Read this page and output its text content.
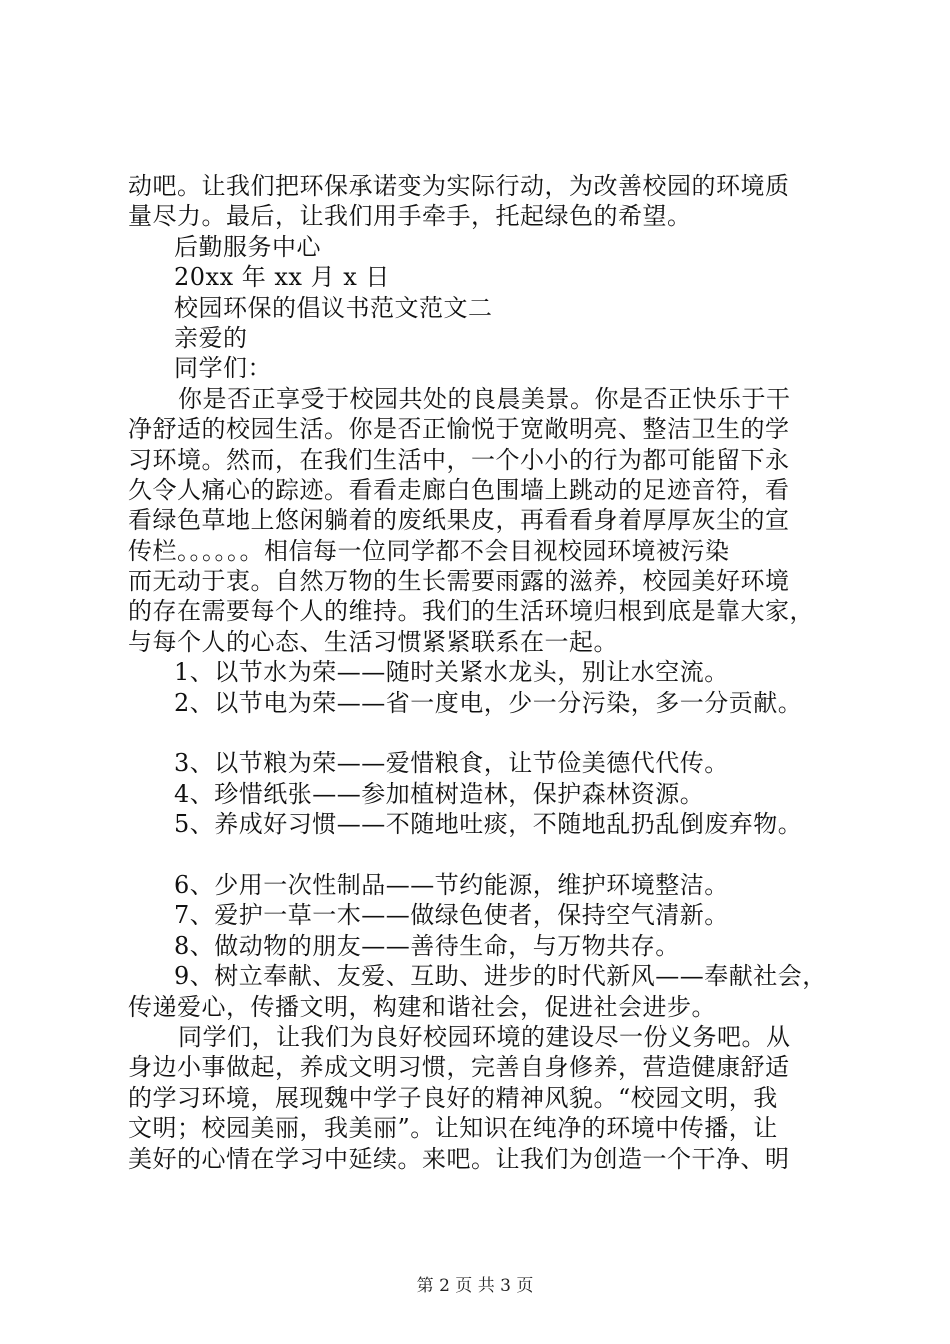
动吧。让我们把环保承诺变为实际行动，为改善校园的环境质
量尽力。最后，让我们用手牵手，托起绿色的希望。
后勤服务中心
20xx 年 xx 月 x 日
校园环保的倡议书范文范文二
亲爱的
同学们：
你是否正享受于校园共处的良晨美景。你是否正快乐于干
净舒适的校园生活。你是否正愉悦于宽敞明亮、整洁卫生的学
习环境。然而，在我们生活中，一个小小的行为都可能留下永
久令人痛心的踪迹。看看走廊白色围墙上跳动的足迹音符，看
看绿色草地上悠闲躺着的废纸果皮，再看看身着厚厚灰尘的宣
传栏。。。。。。相信每一位同学都不会目视校园环境被污染
而无动于衷。自然万物的生长需要雨露的滋养，校园美好环境
的存在需要每个人的维持。我们的生活环境归根到底是靠大家，
与每个人的心态、生活习惯紧紧联系在一起。
1、以节水为荣——随时关紧水龙头，别让水空流。
2、以节电为荣——省一度电，少一分污染，多一分贡献。
3、以节粮为荣——爱惜粮食，让节俭美德代代传。
4、珍惜纸张——参加植树造林，保护森林资源。
5、养成好习惯——不随地吐痰，不随地乱扔乱倒废弃物。
6、少用一次性制品——节约能源，维护环境整洁。
7、爱护一草一木——做绿色使者，保持空气清新。
8、做动物的朋友——善待生命，与万物共存。
9、树立奉献、友爱、互助、进步的时代新风——奉献社会，
传递爱心，传播文明，构建和谐社会，促进社会进步。
同学们，让我们为良好校园环境的建设尽一份义务吧。从
身边小事做起，养成文明习惯，完善自身修养，营造健康舒适
的学习环境，展现魏中学子良好的精神风貌。“校园文明，我
文明；校园美丽，我美丽”。让知识在纯净的环境中传播，让
美好的心情在学习中延续。来吧。让我们为创造一个干净、明
第 2 页 共 3 页
